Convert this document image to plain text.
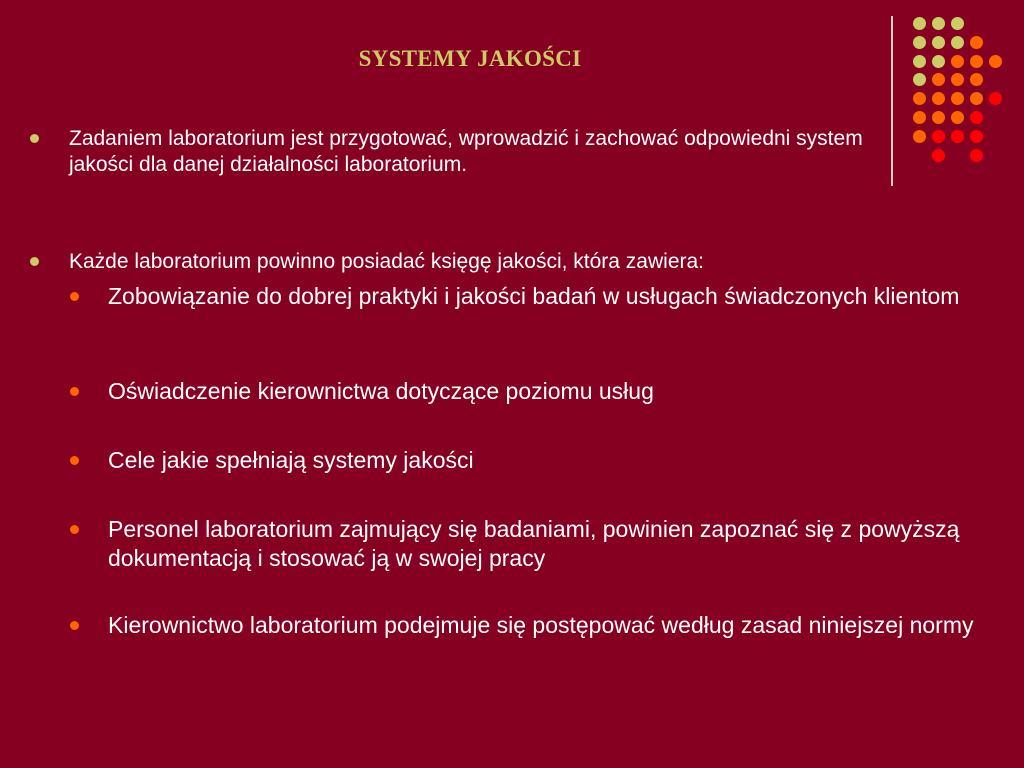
SYSTEMY JAKOŚCI
Zadaniem laboratorium jest przygotować, wprowadzić i zachować odpowiedni system jakości dla danej działalności laboratorium.
Każde laboratorium powinno posiadać księgę jakości, która zawiera:
Zobowiązanie do dobrej praktyki i jakości badań w usługach świadczonych klientom
Oświadczenie kierownictwa dotyczące poziomu usług
Cele jakie spełniają systemy jakości
Personel laboratorium zajmujący się badaniami, powinien zapoznać się z powyższą dokumentacją i stosować ją w swojej pracy
Kierownictwo laboratorium podejmuje się postępować według zasad niniejszej normy
